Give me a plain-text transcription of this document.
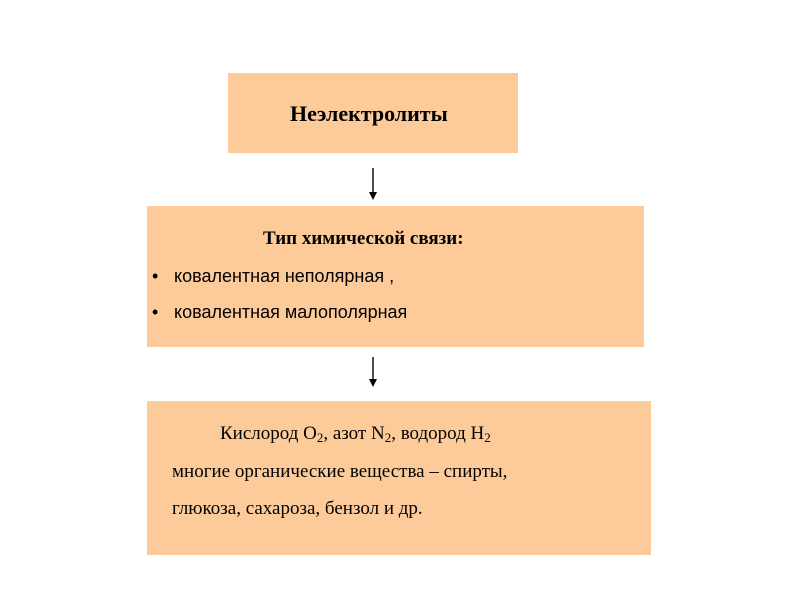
Неэлектролиты
Тип химической связи:
• ковалентная неполярная ,
• ковалентная малополярная
Кислород $О_2$, азот $N_2$, водород $Н_2$
многие органические вещества – спирты,
глюкоза, сахароза, бензол и др.
